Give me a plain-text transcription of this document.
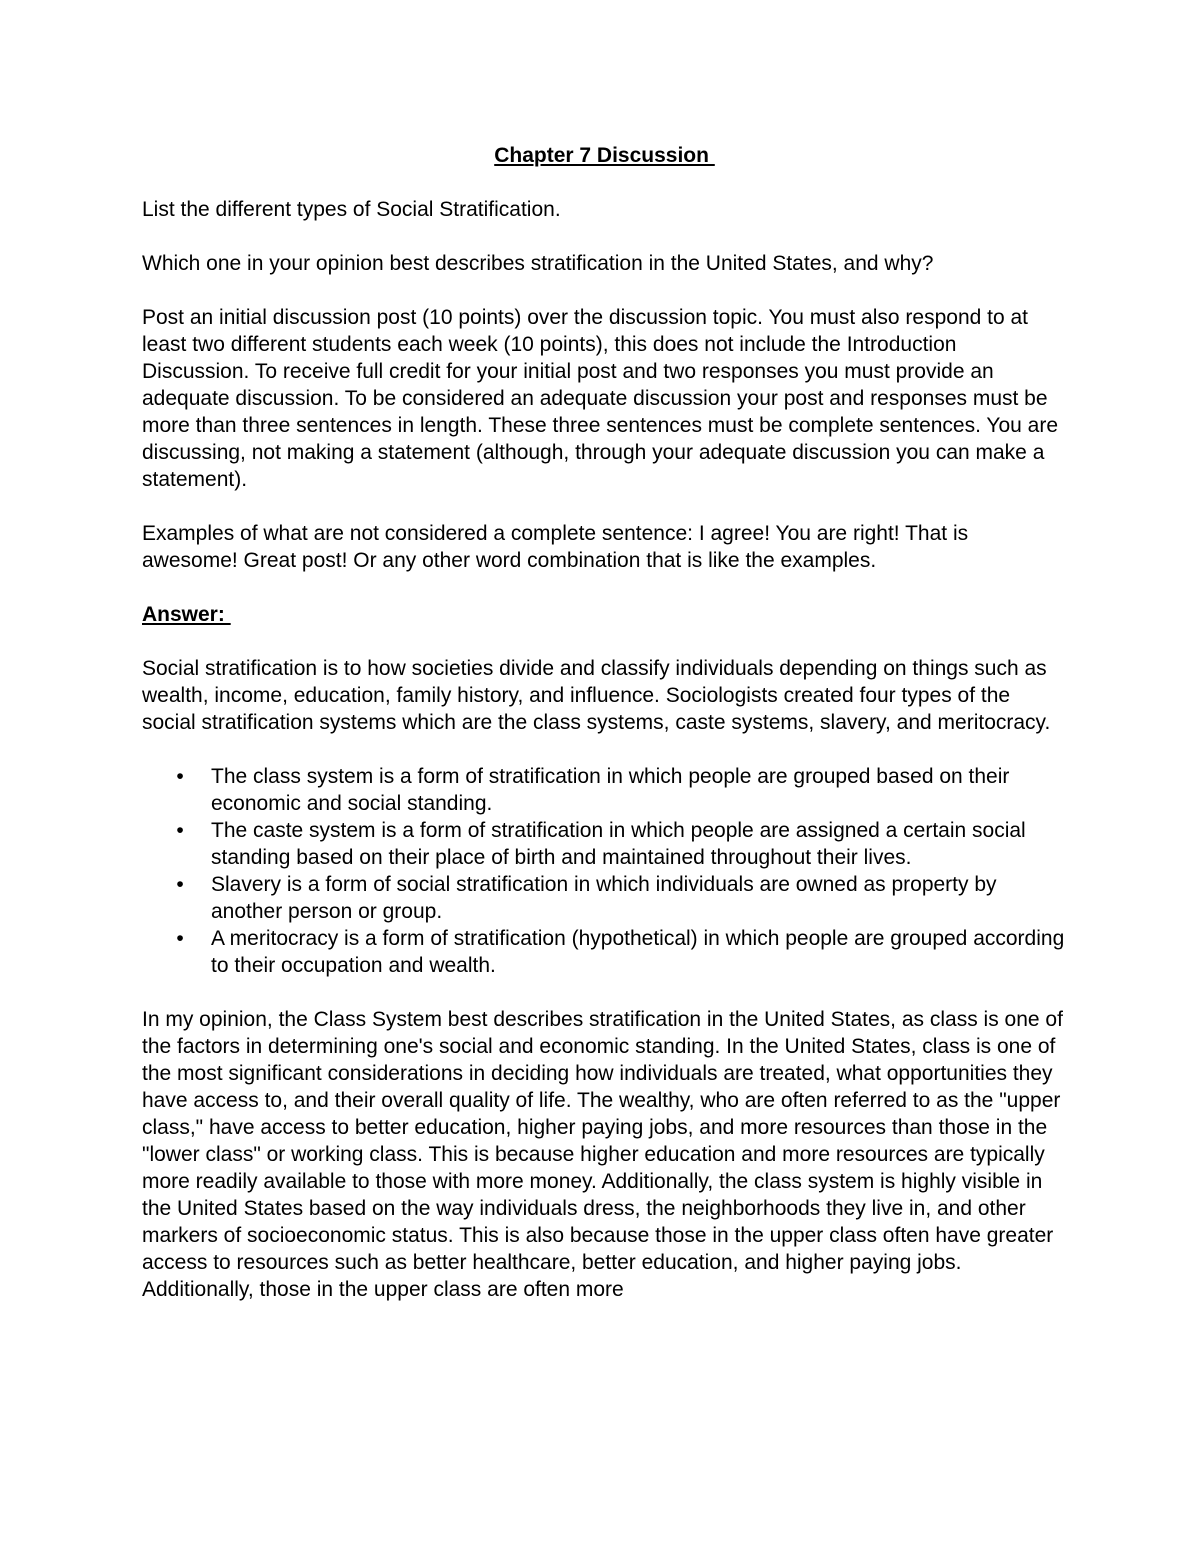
Chapter 7 Discussion

List the different types of Social Stratification.

Which one in your opinion best describes stratification in the United States, and why?

Post an initial discussion post (10 points) over the discussion topic. You must also respond to at least two different students each week (10 points), this does not include the Introduction Discussion. To receive full credit for your initial post and two responses you must provide an adequate discussion. To be considered an adequate discussion your post and responses must be more than three sentences in length. These three sentences must be complete sentences. You are discussing, not making a statement (although, through your adequate discussion you can make a statement).

Examples of what are not considered a complete sentence: I agree! You are right! That is awesome! Great post! Or any other word combination that is like the examples.

Answer:

Social stratification is to how societies divide and classify individuals depending on things such as wealth, income, education, family history, and influence. Sociologists created four types of the social stratification systems which are the class systems, caste systems, slavery, and meritocracy.

• The class system is a form of stratification in which people are grouped based on their economic and social standing.
• The caste system is a form of stratification in which people are assigned a certain social standing based on their place of birth and maintained throughout their lives.
• Slavery is a form of social stratification in which individuals are owned as property by another person or group.
• A meritocracy is a form of stratification (hypothetical) in which people are grouped according to their occupation and wealth.

In my opinion, the Class System best describes stratification in the United States, as class is one of the factors in determining one's social and economic standing. In the United States, class is one of the most significant considerations in deciding how individuals are treated, what opportunities they have access to, and their overall quality of life. The wealthy, who are often referred to as the "upper class," have access to better education, higher paying jobs, and more resources than those in the "lower class" or working class. This is because higher education and more resources are typically more readily available to those with more money. Additionally, the class system is highly visible in the United States based on the way individuals dress, the neighborhoods they live in, and other markers of socioeconomic status. This is also because those in the upper class often have greater access to resources such as better healthcare, better education, and higher paying jobs. Additionally, those in the upper class are often more
